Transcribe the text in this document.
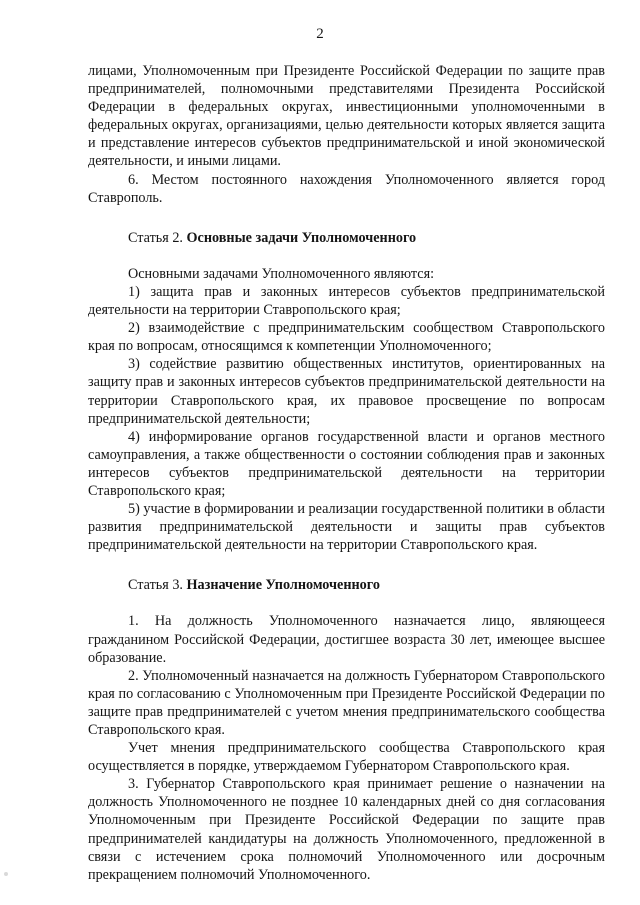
2

лицами, Уполномоченным при Президенте Российской Федерации по защите прав предпринимателей, полномочными представителями Президента Российской Федерации в федеральных округах, инвестиционными уполномоченными в федеральных округах, организациями, целью деятельности которых является защита и представление интересов субъектов предпринимательской и иной экономической деятельности, и иными лицами.

6. Местом постоянного нахождения Уполномоченного является город Ставрополь.

Статья 2. Основные задачи Уполномоченного

Основными задачами Уполномоченного являются:

1) защита прав и законных интересов субъектов предпринимательской деятельности на территории Ставропольского края;

2) взаимодействие с предпринимательским сообществом Ставропольского края по вопросам, относящимся к компетенции Уполномоченного;

3) содействие развитию общественных институтов, ориентированных на защиту прав и законных интересов субъектов предпринимательской деятельности на территории Ставропольского края, их правовое просвещение по вопросам предпринимательской деятельности;

4) информирование органов государственной власти и органов местного самоуправления, а также общественности о состоянии соблюдения прав и законных интересов субъектов предпринимательской деятельности на территории Ставропольского края;

5) участие в формировании и реализации государственной политики в области развития предпринимательской деятельности и защиты прав субъектов предпринимательской деятельности на территории Ставропольского края.

Статья 3. Назначение Уполномоченного

1. На должность Уполномоченного назначается лицо, являющееся гражданином Российской Федерации, достигшее возраста 30 лет, имеющее высшее образование.

2. Уполномоченный назначается на должность Губернатором Ставропольского края по согласованию с Уполномоченным при Президенте Российской Федерации по защите прав предпринимателей с учетом мнения предпринимательского сообщества Ставропольского края.

Учет мнения предпринимательского сообщества Ставропольского края осуществляется в порядке, утверждаемом Губернатором Ставропольского края.

3. Губернатор Ставропольского края принимает решение о назначении на должность Уполномоченного не позднее 10 календарных дней со дня согласования Уполномоченным при Президенте Российской Федерации по защите прав предпринимателей кандидатуры на должность Уполномоченного, предложенной в связи с истечением срока полномочий Уполномоченного или досрочным прекращением полномочий Уполномоченного.
